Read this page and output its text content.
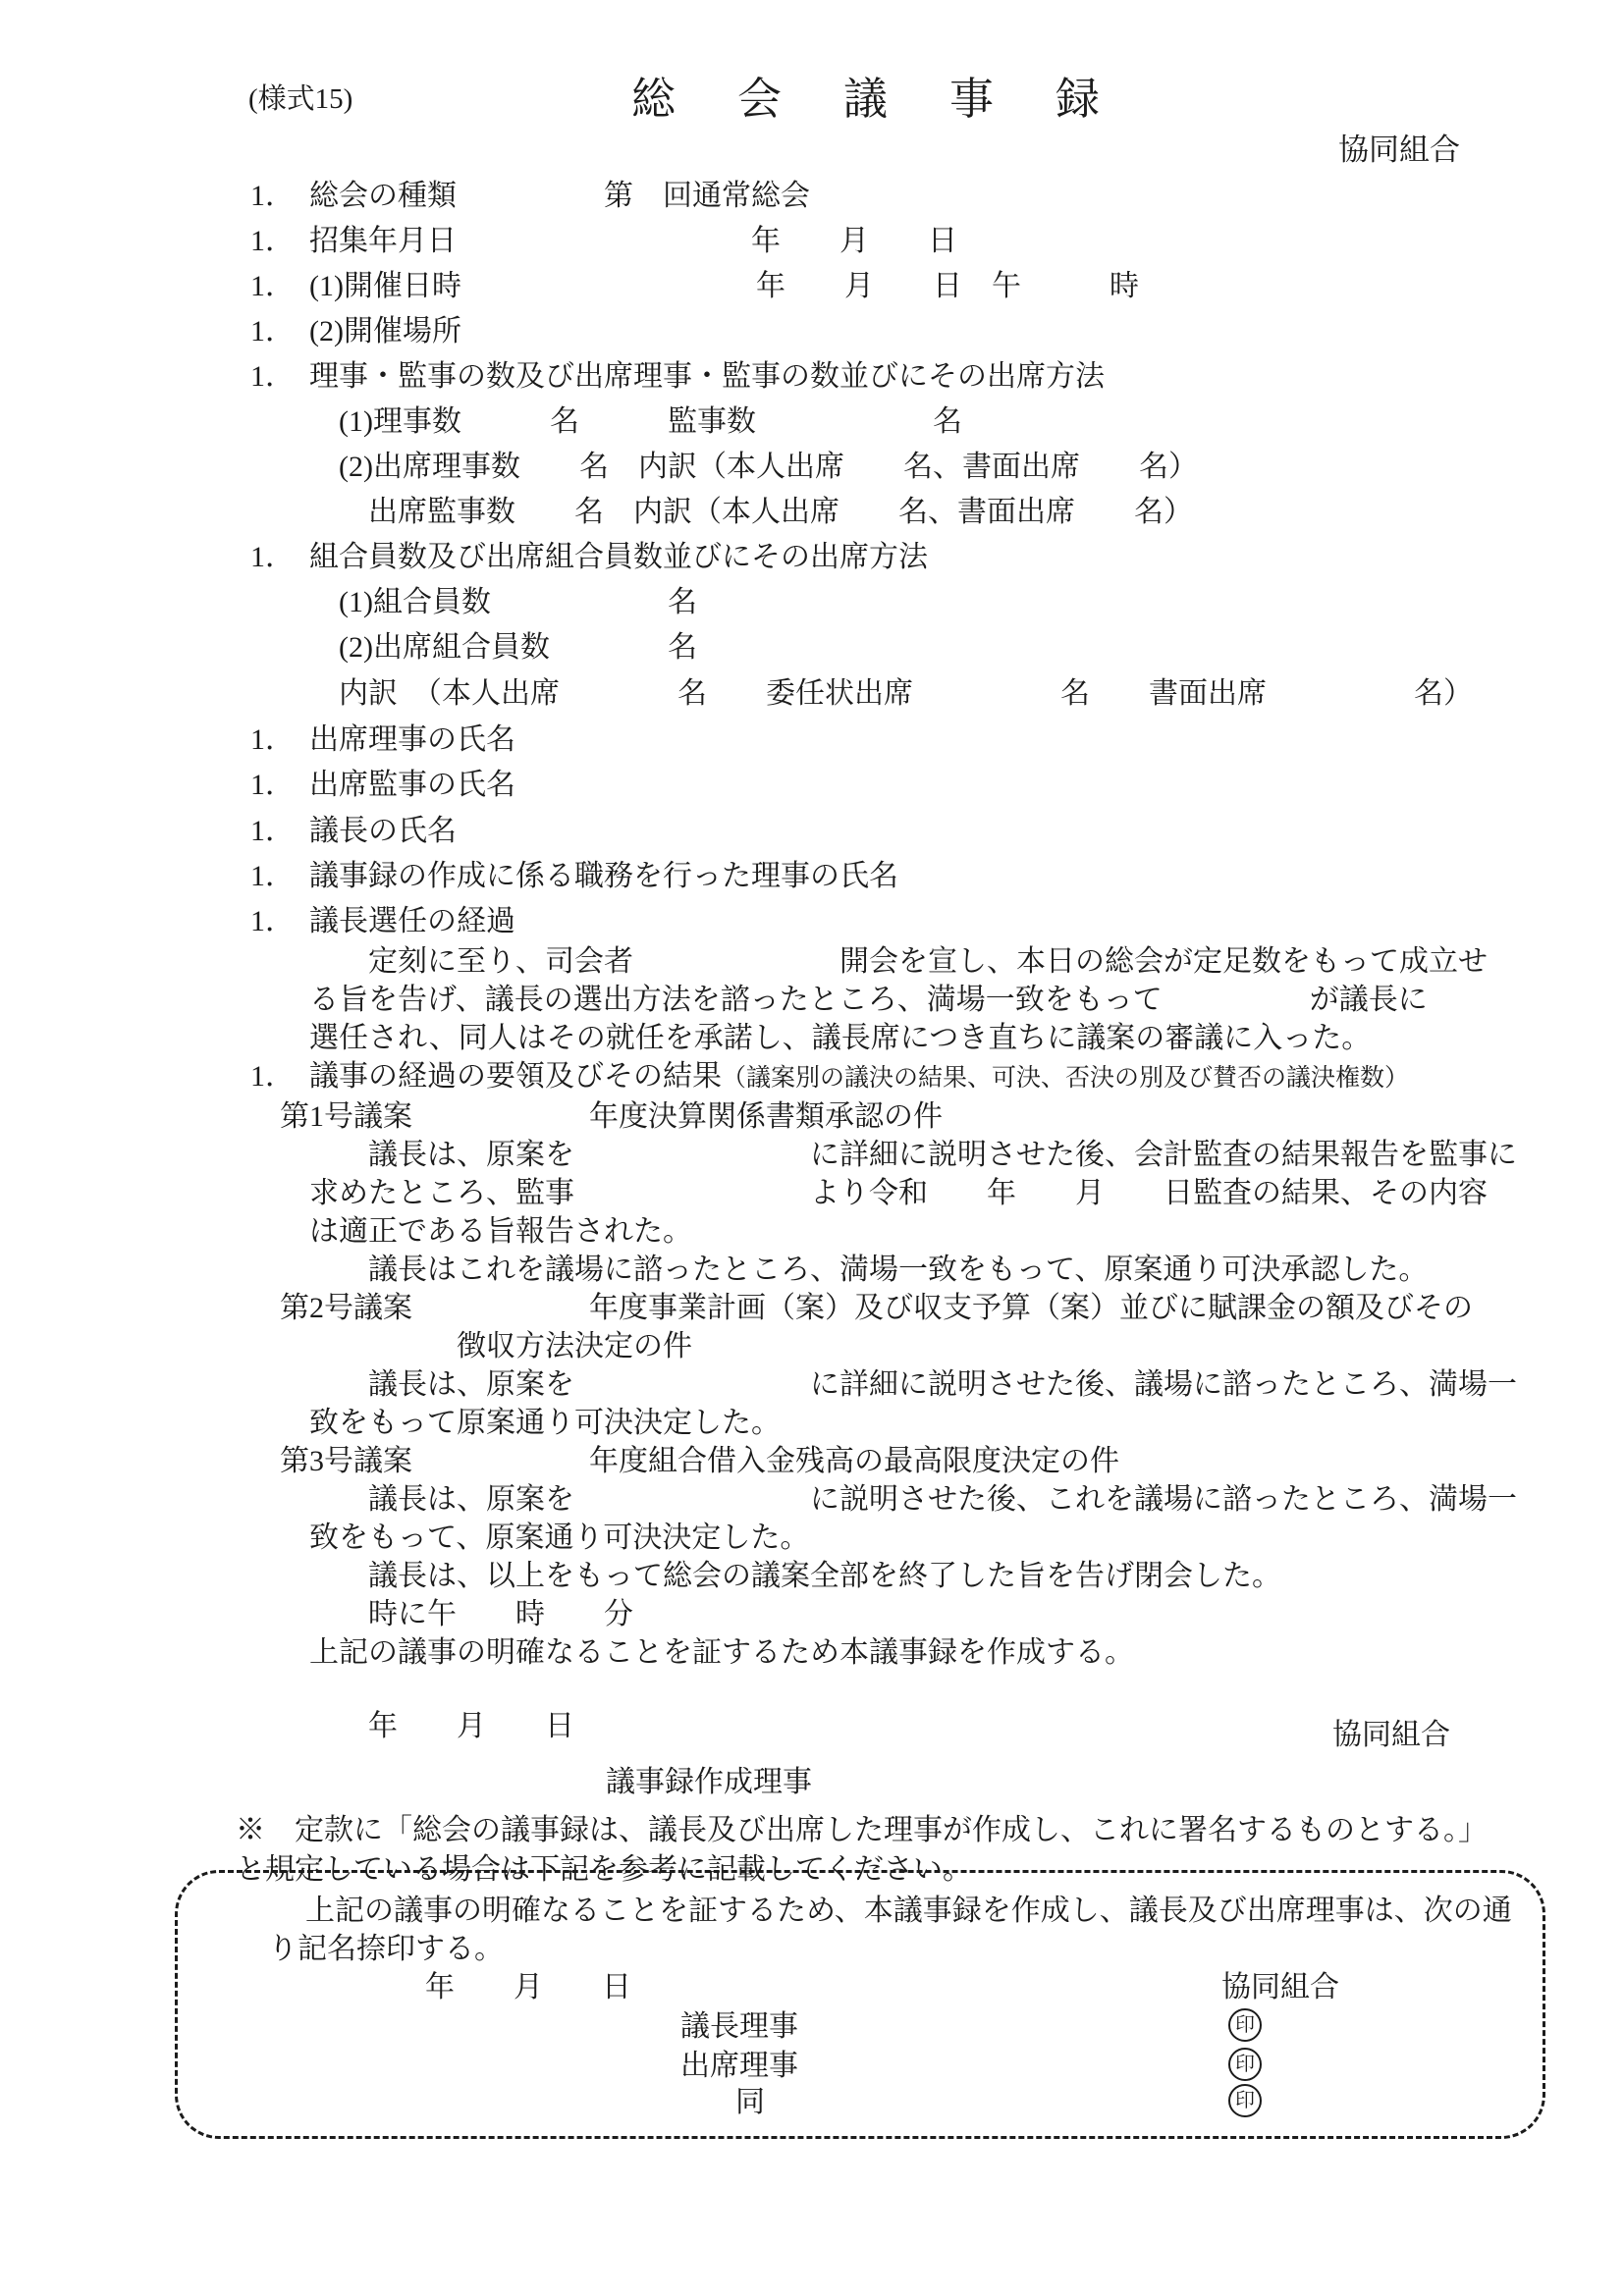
(様式15)	総　会　議　事　録
協同組合
1．　総会の種類　　　　　第　回通常総会
1．　招集年月日　　　　　　　　　　年　　月　　日
1．　(1)開催日時　　　　　　　　　　年　　月　　日　午　　　時
1．　(2)開催場所
1．　理事・監事の数及び出席理事・監事の数並びにその出席方法
　　　(1)理事数　　　名　　　監事数　　　　　　名
　　　(2)出席理事数　　名　内訳（本人出席　　名、書面出席　　名）
　　　　出席監事数　　名　内訳（本人出席　　名、書面出席　　名）
1．　組合員数及び出席組合員数並びにその出席方法
　　　(1)組合員数　　　　　　名
　　　(2)出席組合員数　　　　名
　　　内訳　（本人出席　　　　名　　委任状出席　　　　　名　　書面出席　　　　　名）
1．　出席理事の氏名
1．　出席監事の氏名
1．　議長の氏名
1．　議事録の作成に係る職務を行った理事の氏名
1．　議長選任の経過
　　　　定刻に至り、司会者　　　　　　　開会を宣し、本日の総会が定足数をもって成立せ
　　る旨を告げ、議長の選出方法を諮ったところ、満場一致をもって　　　　　が議長に
　　選任され、同人はその就任を承諾し、議長席につき直ちに議案の審議に入った。
1．　議事の経過の要領及びその結果（議案別の議決の結果、可決、否決の別及び賛否の議決権数）
　第1号議案　　　　　　年度決算関係書類承認の件
　　　　議長は、原案を　　　　　　　　に詳細に説明させた後、会計監査の結果報告を監事に
　　求めたところ、監事　　　　　　　　より令和　　年　　月　　日監査の結果、その内容
　　は適正である旨報告された。
　　　　議長はこれを議場に諮ったところ、満場一致をもって、原案通り可決承認した。
　第2号議案　　　　　　年度事業計画（案）及び収支予算（案）並びに賦課金の額及びその
　　　　　　　徴収方法決定の件
　　　　議長は、原案を　　　　　　　　に詳細に説明させた後、議場に諮ったところ、満場一
　　致をもって原案通り可決決定した。
　第3号議案　　　　　　年度組合借入金残高の最高限度決定の件
　　　　議長は、原案を　　　　　　　　に説明させた後、これを議場に諮ったところ、満場一
　　致をもって、原案通り可決決定した。
　　　　議長は、以上をもって総会の議案全部を終了した旨を告げ閉会した。
　　　　時に午　　時　　分
　　上記の議事の明確なることを証するため本議事録を作成する。
　　　　年　　月　　日	協同組合
議事録作成理事
※　定款に「総会の議事録は、議長及び出席した理事が作成し、これに署名するものとする。」
と規定している場合は下記を参考に記載してください。
上記の議事の明確なることを証するため、本議事録を作成し、議長及び出席理事は、次の通
り記名捺印する。
年　　月　　日	協同組合
議長理事	印
出席理事	印
同	印
